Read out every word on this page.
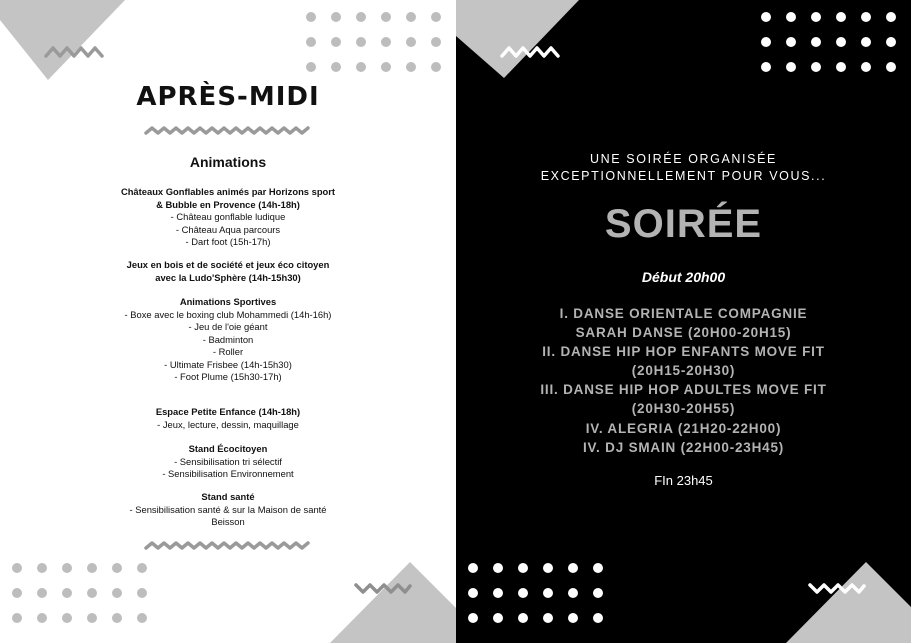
APRÈS-MIDI
Animations
Châteaux Gonflables animés par Horizons sport & Bubble en Provence (14h-18h)
- Château gonflable ludique
- Château Aqua parcours
- Dart foot (15h-17h)
Jeux en bois et de société et jeux éco citoyen avec la Ludo'Sphère (14h-15h30)
Animations Sportives
- Boxe avec le boxing club Mohammedi (14h-16h)
- Jeu de l'oie géant
- Badminton
- Roller
- Ultimate Frisbee (14h-15h30)
- Foot Plume (15h30-17h)
Espace Petite Enfance (14h-18h)
- Jeux, lecture, dessin, maquillage
Stand Écocitoyen
- Sensibilisation tri sélectif
- Sensibilisation Environnement
Stand santé
- Sensibilisation santé & sur la Maison de santé Beisson
UNE SOIRÉE ORGANISÉE
EXCEPTIONNELLEMENT POUR VOUS...
SOIRÉE
Début 20h00
I. DANSE ORIENTALE COMPAGNIE
SARAH DANSE (20H00-20H15)
II. DANSE HIP HOP ENFANTS MOVE FIT
(20H15-20H30)
III. DANSE HIP HOP ADULTES MOVE FIT
(20H30-20H55)
IV. ALEGRIA (21H20-22H00)
IV. DJ SMAIN (22H00-23H45)
FIn 23h45
